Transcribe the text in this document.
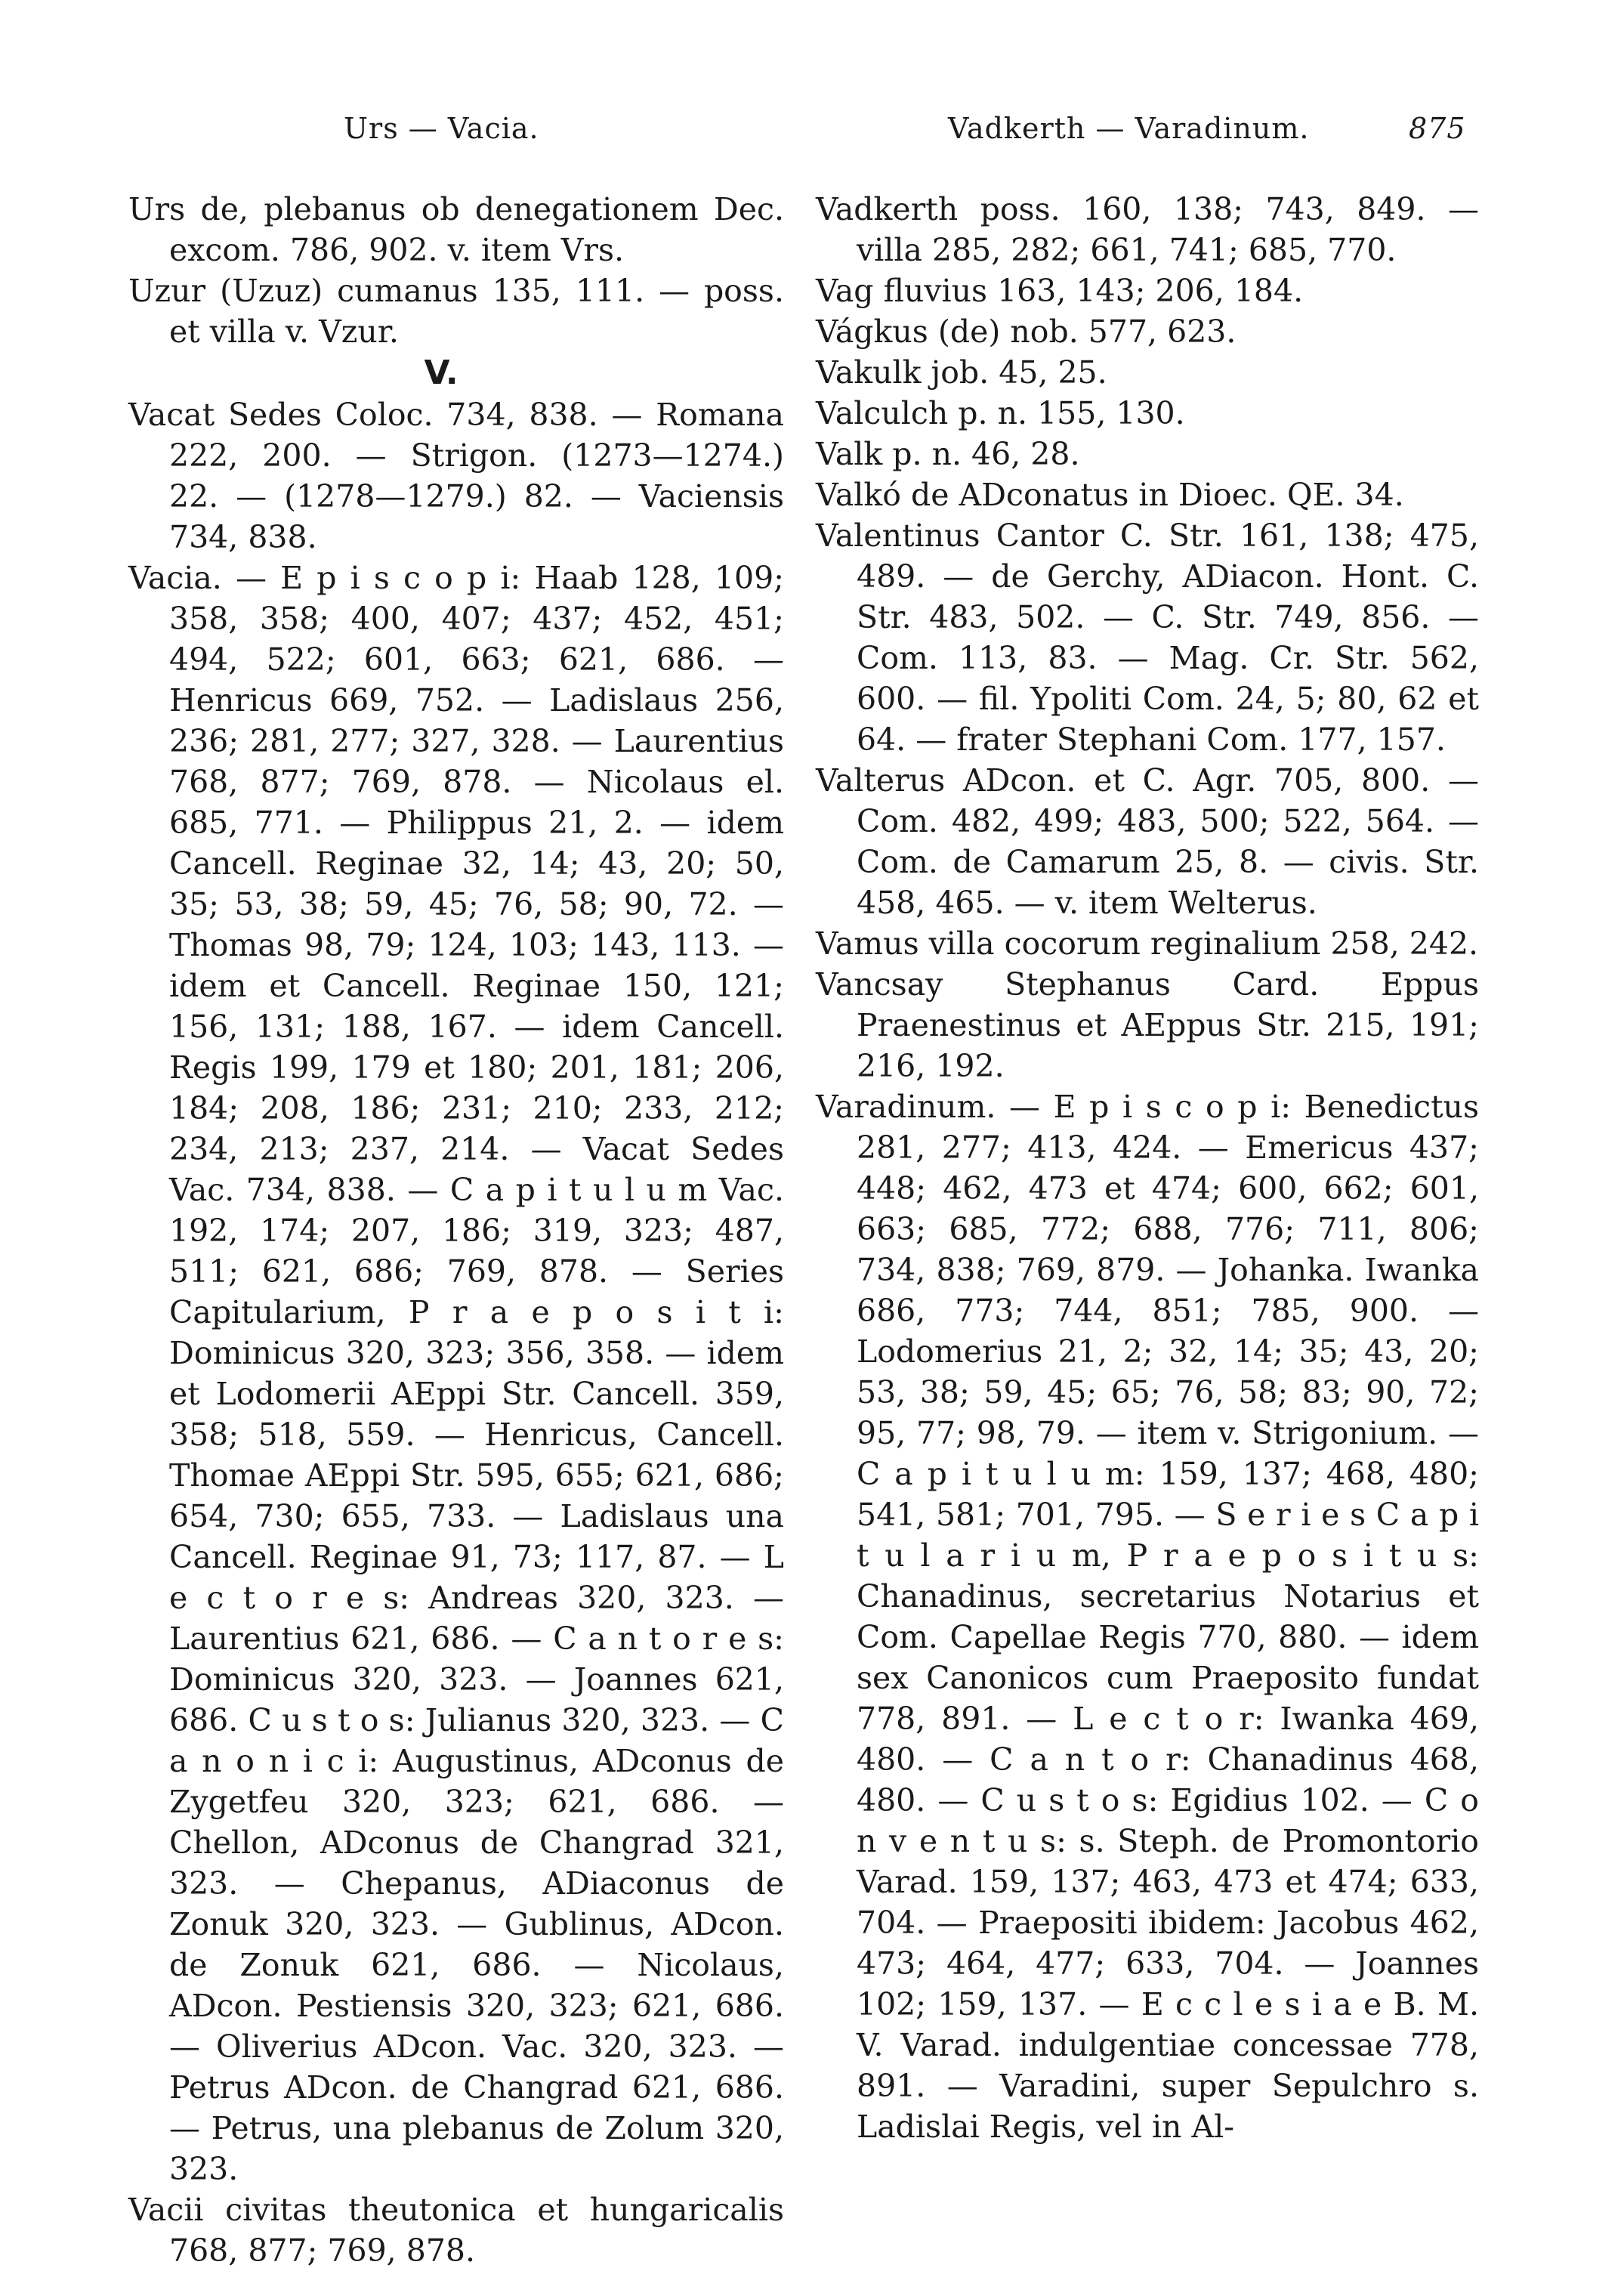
Urs — Vacia.	Vadkerth — Varadinum.	875

Urs de, plebanus ob denegationem Dec. excom. 786, 902. v. item Vrs.

Uzur (Uzuz) cumanus 135, 111. — poss. et villa v. Vzur.

V.

Vacat Sedes Coloc. 734, 838. — Romana 222, 200. — Strigon. (1273—1274.) 22. — (1278—1279.) 82. — Vaciensis 734, 838.

Vacia. — E p i s c o p i: Haab 128, 109; 358, 358; 400, 407; 437; 452, 451; 494, 522; 601, 663; 621, 686. — Henricus 669, 752. — Ladislaus 256, 236; 281, 277; 327, 328. — Laurentius 768, 877; 769, 878. — Nicolaus el. 685, 771. — Philippus 21, 2. — idem Cancell. Reginae 32, 14; 43, 20; 50, 35; 53, 38; 59, 45; 76, 58; 90, 72. — Thomas 98, 79; 124, 103; 143, 113. — idem et Cancell. Reginae 150, 121; 156, 131; 188, 167. — idem Cancell. Regis 199, 179 et 180; 201, 181; 206, 184; 208, 186; 231; 210; 233, 212; 234, 213; 237, 214. — Vacat Sedes Vac. 734, 838. — C a p i t u l u m Vac. 192, 174; 207, 186; 319, 323; 487, 511; 621, 686; 769, 878. — Series Capitularium, P r a e p o s i t i: Dominicus 320, 323; 356, 358. — idem et Lodomerii AEppi Str. Cancell. 359, 358; 518, 559. — Henricus, Cancell. Thomae AEppi Str. 595, 655; 621, 686; 654, 730; 655, 733. — Ladislaus una Cancell. Reginae 91, 73; 117, 87. — L e c t o r e s: Andreas 320, 323. — Laurentius 621, 686. — C a n t o r e s: Dominicus 320, 323. — Joannes 621, 686. C u s t o s: Julianus 320, 323. — C a n o n i c i: Augustinus, ADconus de Zygetfeu 320, 323; 621, 686. — Chellon, ADconus de Changrad 321, 323. — Chepanus, ADiaconus de Zonuk 320, 323. — Gublinus, ADcon. de Zonuk 621, 686. — Nicolaus, ADcon. Pestiensis 320, 323; 621, 686. — Oliverius ADcon. Vac. 320, 323. — Petrus ADcon. de Changrad 621, 686. — Petrus, una plebanus de Zolum 320, 323.

Vacii civitas theutonica et hungaricalis 768, 877; 769, 878.

Vadkerth poss. 160, 138; 743, 849. — villa 285, 282; 661, 741; 685, 770.

Vag fluvius 163, 143; 206, 184.

Vágkus (de) nob. 577, 623.

Vakulk job. 45, 25.

Valculch p. n. 155, 130.

Valk p. n. 46, 28.

Valkó de ADconatus in Dioec. QE. 34.

Valentinus Cantor C. Str. 161, 138; 475, 489. — de Gerchy, ADiacon. Hont. C. Str. 483, 502. — C. Str. 749, 856. — Com. 113, 83. — Mag. Cr. Str. 562, 600. — fil. Ypoliti Com. 24, 5; 80, 62 et 64. — frater Stephani Com. 177, 157.

Valterus ADcon. et C. Agr. 705, 800. — Com. 482, 499; 483, 500; 522, 564. — Com. de Camarum 25, 8. — civis. Str. 458, 465. — v. item Welterus.

Vamus villa cocorum reginalium 258, 242.

Vancsay Stephanus Card. Eppus Praenestinus et AEppus Str. 215, 191; 216, 192.

Varadinum. — E p i s c o p i: Benedictus 281, 277; 413, 424. — Emericus 437; 448; 462, 473 et 474; 600, 662; 601, 663; 685, 772; 688, 776; 711, 806; 734, 838; 769, 879. — Johanka. Iwanka 686, 773; 744, 851; 785, 900. — Lodomerius 21, 2; 32, 14; 35; 43, 20; 53, 38; 59, 45; 65; 76, 58; 83; 90, 72; 95, 77; 98, 79. — item v. Strigonium. — C a p i t u l u m: 159, 137; 468, 480; 541, 581; 701, 795. — S e r i e s C a p i t u l a r i u m, P r a e p o s i t u s: Chanadinus, secretarius Notarius et Com. Capellae Regis 770, 880. — idem sex Canonicos cum Praeposito fundat 778, 891. — L e c t o r: Iwanka 469, 480. — C a n t o r: Chanadinus 468, 480. — C u s t o s: Egidius 102. — C o n v e n t u s: s. Steph. de Promontorio Varad. 159, 137; 463, 473 et 474; 633, 704. — Praepositi ibidem: Jacobus 462, 473; 464, 477; 633, 704. — Joannes 102; 159, 137. — E c c l e s i a e B. M. V. Varad. indulgentiae concessae 778, 891. — Varadini, super Sepulchro s. Ladislai Regis, vel in Al-
